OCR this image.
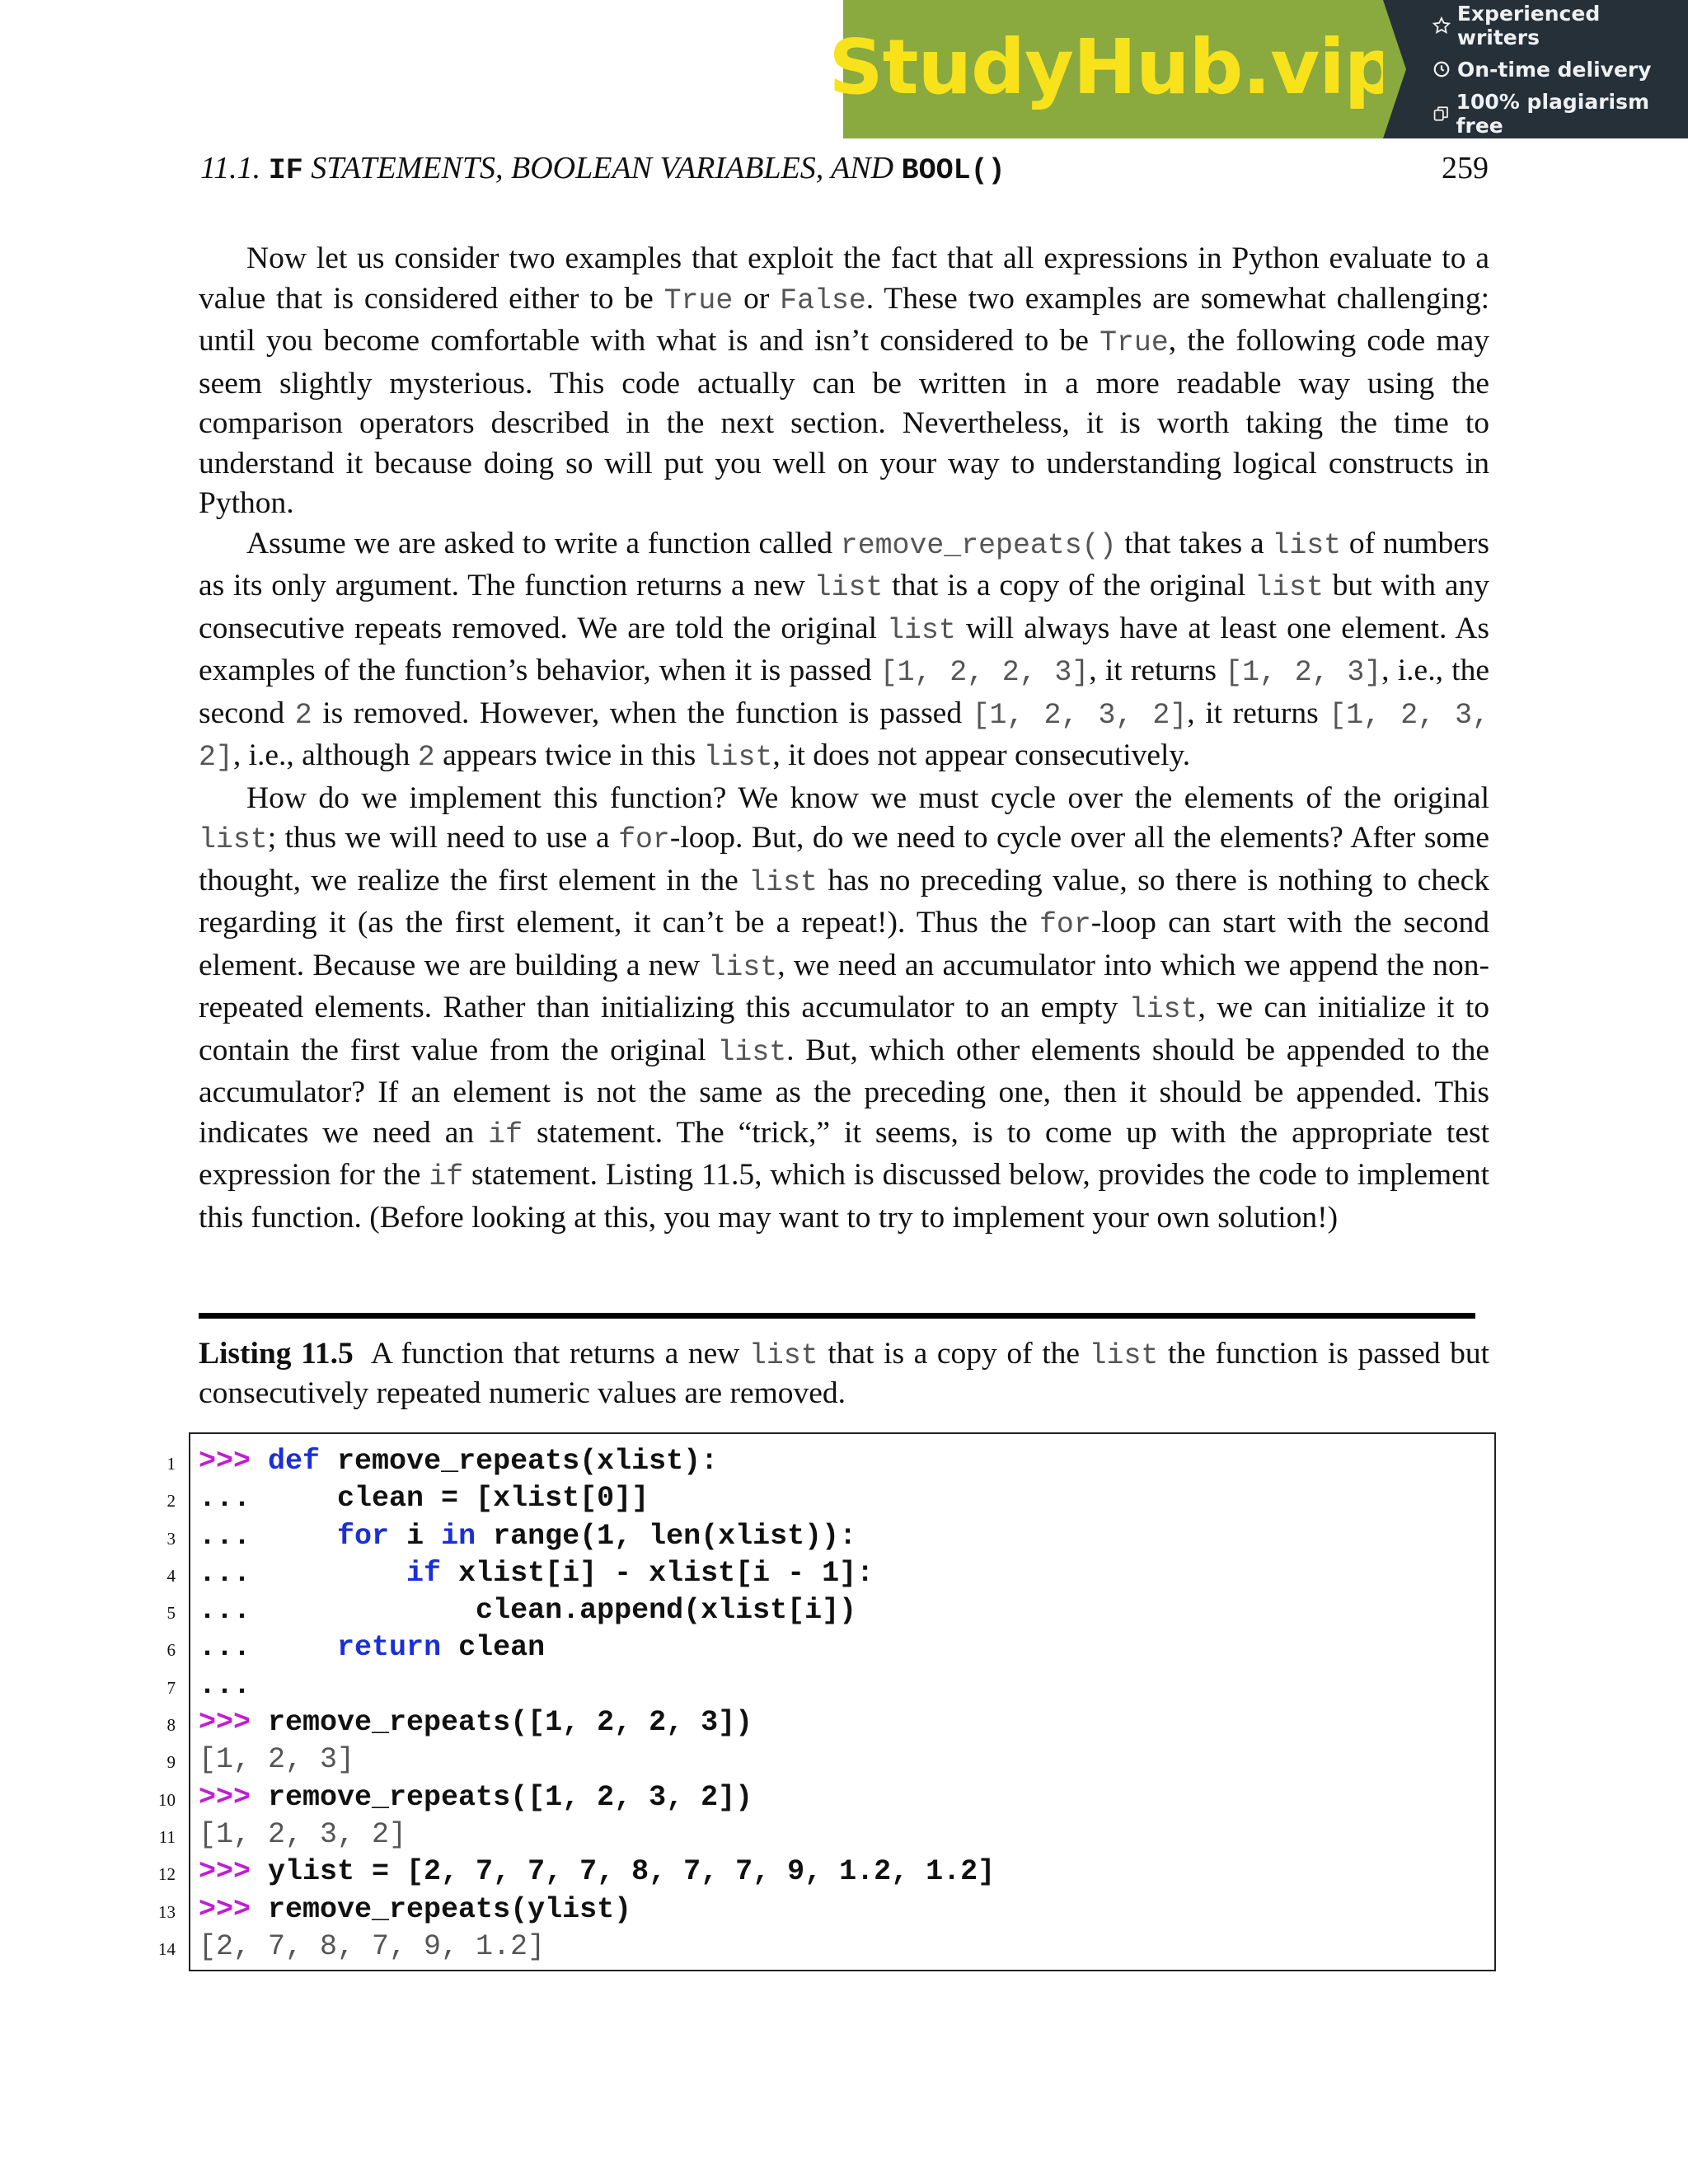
StudyHub.vip
Experienced writers
On-time delivery
100% plagiarism free
11.1. IF STATEMENTS, BOOLEAN VARIABLES, AND BOOL()	259

Now let us consider two examples that exploit the fact that all expressions in Python evaluate to a value that is considered either to be True or False. These two examples are somewhat challenging: until you become comfortable with what is and isn’t considered to be True, the following code may seem slightly mysterious. This code actually can be written in a more readable way using the comparison operators described in the next section. Nevertheless, it is worth taking the time to understand it because doing so will put you well on your way to understanding logical constructs in Python.

Assume we are asked to write a function called remove_repeats() that takes a list of numbers as its only argument. The function returns a new list that is a copy of the original list but with any consecutive repeats removed. We are told the original list will always have at least one element. As examples of the function’s behavior, when it is passed [1, 2, 2, 3], it returns [1, 2, 3], i.e., the second 2 is removed. However, when the function is passed [1, 2, 3, 2], it returns [1, 2, 3, 2], i.e., although 2 appears twice in this list, it does not appear consecutively.

How do we implement this function? We know we must cycle over the elements of the original list; thus we will need to use a for-loop. But, do we need to cycle over all the elements? After some thought, we realize the first element in the list has no preceding value, so there is nothing to check regarding it (as the first element, it can’t be a repeat!). Thus the for-loop can start with the second element. Because we are building a new list, we need an accumulator into which we append the non-repeated elements. Rather than initializing this accumulator to an empty list, we can initialize it to contain the first value from the original list. But, which other elements should be appended to the accumulator? If an element is not the same as the preceding one, then it should be appended. This indicates we need an if statement. The “trick,” it seems, is to come up with the appropriate test expression for the if statement. Listing 11.5, which is discussed below, provides the code to implement this function. (Before looking at this, you may want to try to implement your own solution!)

Listing 11.5 A function that returns a new list that is a copy of the list the function is passed but consecutively repeated numeric values are removed.
1 >>> def remove_repeats(xlist):
2 ...     clean = [xlist[0]]
3 ...	for i in range(1, len(xlist)):
4 ...	if xlist[i] - xlist[i - 1]:
5 ...             clean.append(xlist[i])
6 ...	return clean
7 ...
8 >>> remove_repeats([1, 2, 2, 3])
9 [1, 2, 3]
10 >>> remove_repeats([1, 2, 3, 2])
11 [1, 2, 3, 2]
12 >>> ylist = [2, 7, 7, 7, 8, 7, 7, 9, 1.2, 1.2]
13 >>> remove_repeats(ylist)
14 [2, 7, 8, 7, 9, 1.2]
